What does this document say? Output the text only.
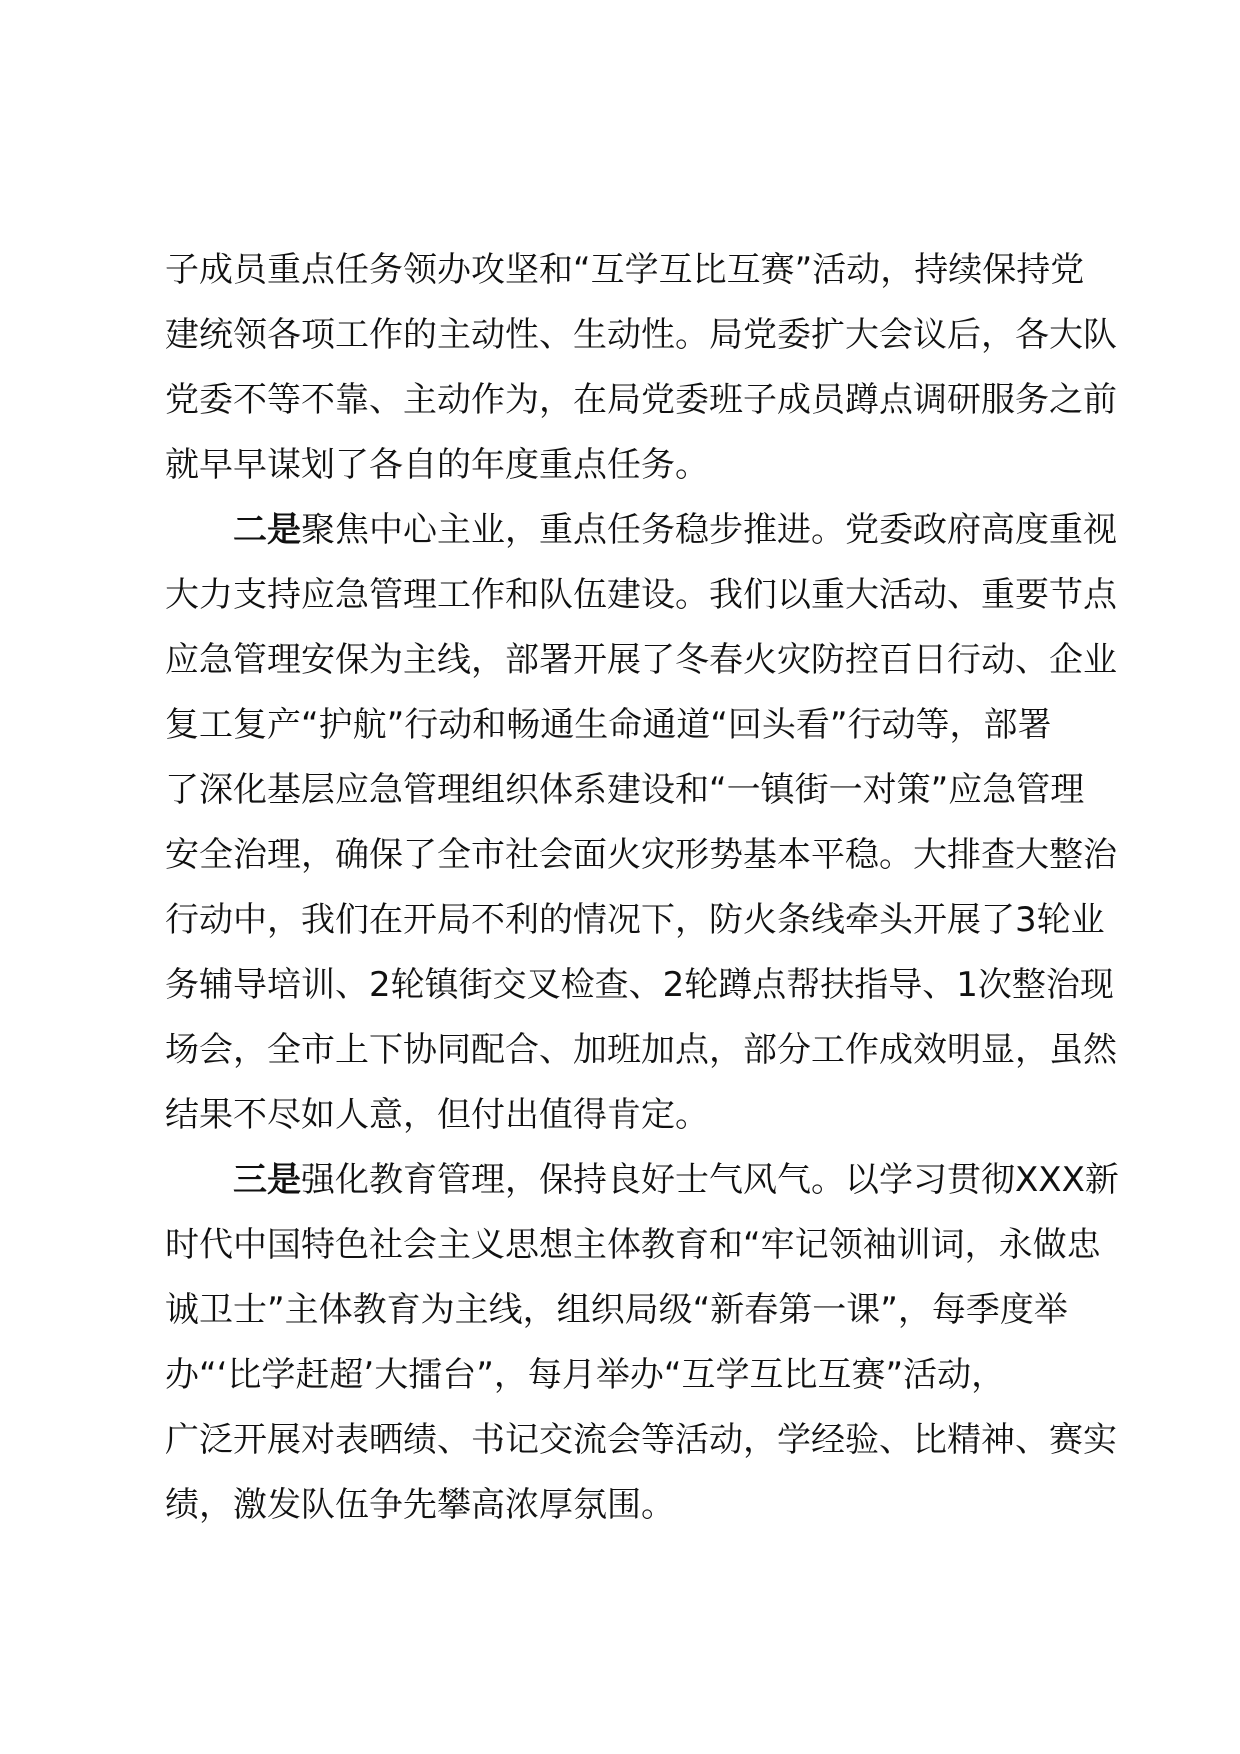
子成员重点任务领办攻坚和“互学互比互赛”活动，持续保持党
建统领各项工作的主动性、生动性。局党委扩大会议后，各大队
党委不等不靠、主动作为，在局党委班子成员蹲点调研服务之前
就早早谋划了各自的年度重点任务。
二是聚焦中心主业，重点任务稳步推进。党委政府高度重视
大力支持应急管理工作和队伍建设。我们以重大活动、重要节点
应急管理安保为主线，部署开展了冬春火灾防控百日行动、企业
复工复产“护航”行动和畅通生命通道“回头看”行动等，部署
了深化基层应急管理组织体系建设和“一镇街一对策”应急管理
安全治理，确保了全市社会面火灾形势基本平稳。大排查大整治
行动中，我们在开局不利的情况下，防火条线牵头开展了3轮业
务辅导培训、2轮镇街交叉检查、2轮蹲点帮扶指导、1次整治现
场会，全市上下协同配合、加班加点，部分工作成效明显，虽然
结果不尽如人意，但付出值得肯定。
三是强化教育管理，保持良好士气风气。以学习贯彻XXX新
时代中国特色社会主义思想主体教育和“牢记领袖训词，永做忠
诚卫士”主体教育为主线，组织局级“新春第一课”，每季度举
办“‘比学赶超’大擂台”，每月举办“互学互比互赛”活动，
广泛开展对表晒绩、书记交流会等活动，学经验、比精神、赛实
绩，激发队伍争先攀高浓厚氛围。
